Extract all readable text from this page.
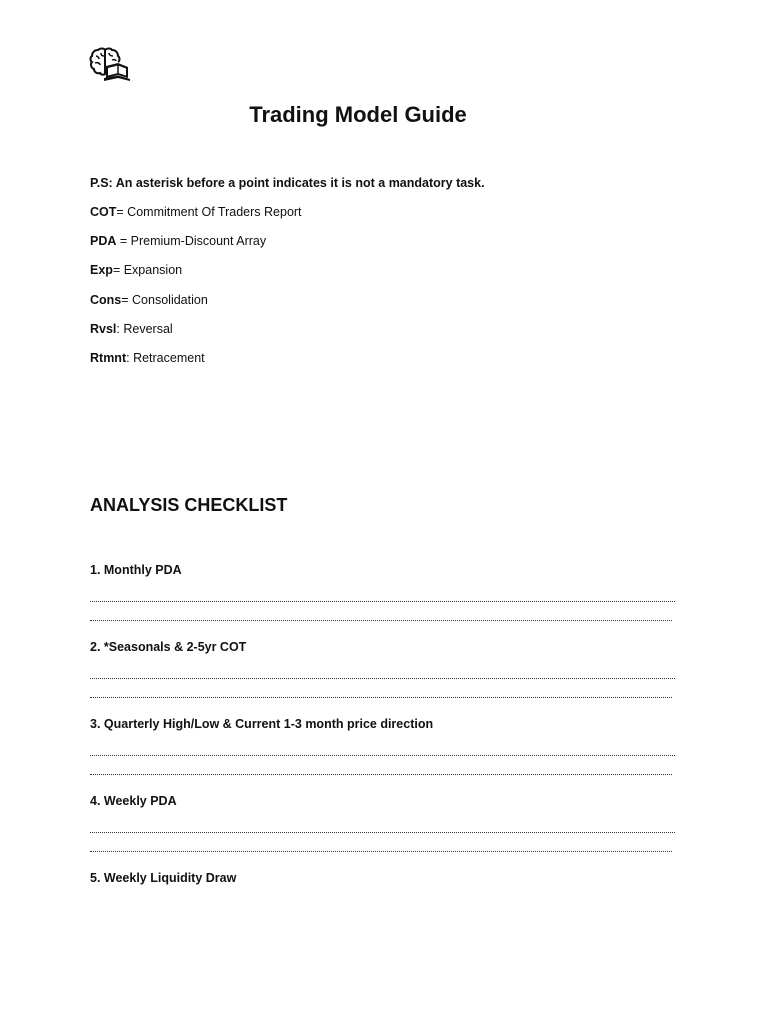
Trading Model Guide
P.S: An asterisk before a point indicates it is not a mandatory task.
COT= Commitment Of Traders Report
PDA = Premium-Discount Array
Exp= Expansion
Cons= Consolidation
Rvsl: Reversal
Rtmnt: Retracement
ANALYSIS CHECKLIST
1. Monthly PDA
2. *Seasonals & 2-5yr COT
3. Quarterly High/Low & Current 1-3 month price direction
4. Weekly PDA
5. Weekly Liquidity Draw
